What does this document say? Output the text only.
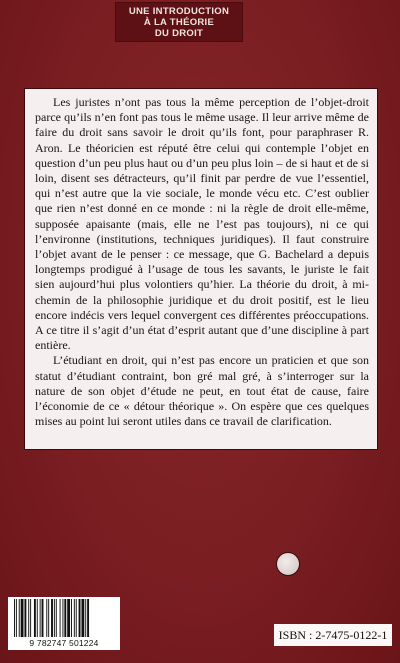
UNE INTRODUCTION
À LA THÉORIE
DU DROIT

Les juristes n’ont pas tous la même perception de l’objet-droit parce qu’ils n’en font pas tous le même usage. Il leur arrive même de faire du droit sans savoir le droit qu’ils font, pour paraphraser R. Aron. Le théoricien est réputé être celui qui contemple l’objet en question d’un peu plus haut ou d’un peu plus loin – de si haut et de si loin, disent ses détracteurs, qu’il finit par perdre de vue l’essentiel, qui n’est autre que la vie sociale, le monde vécu etc. C’est oublier que rien n’est donné en ce monde : ni la règle de droit elle-même, supposée apaisante (mais, elle ne l’est pas toujours), ni ce qui l’environne (institutions, techniques juridiques). Il faut construire l’objet avant de le penser : ce message, que G. Bachelard a depuis longtemps prodigué à l’usage de tous les savants, le juriste le fait sien aujourd’hui plus volontiers qu’hier. La théorie du droit, à mi-chemin de la philosophie juridique et du droit positif, est le lieu encore indécis vers lequel convergent ces différentes préoccupations. A ce titre il s’agit d’un état d’esprit autant que d’une discipline à part entière.

L’étudiant en droit, qui n’est pas encore un praticien et que son statut d’étudiant contraint, bon gré mal gré, à s’interroger sur la nature de son objet d’étude ne peut, en tout état de cause, faire l’économie de ce « détour théorique ». On espère que ces quelques mises au point lui seront utiles dans ce travail de clarification.

9 782747 501224
ISBN : 2-7475-0122-1
